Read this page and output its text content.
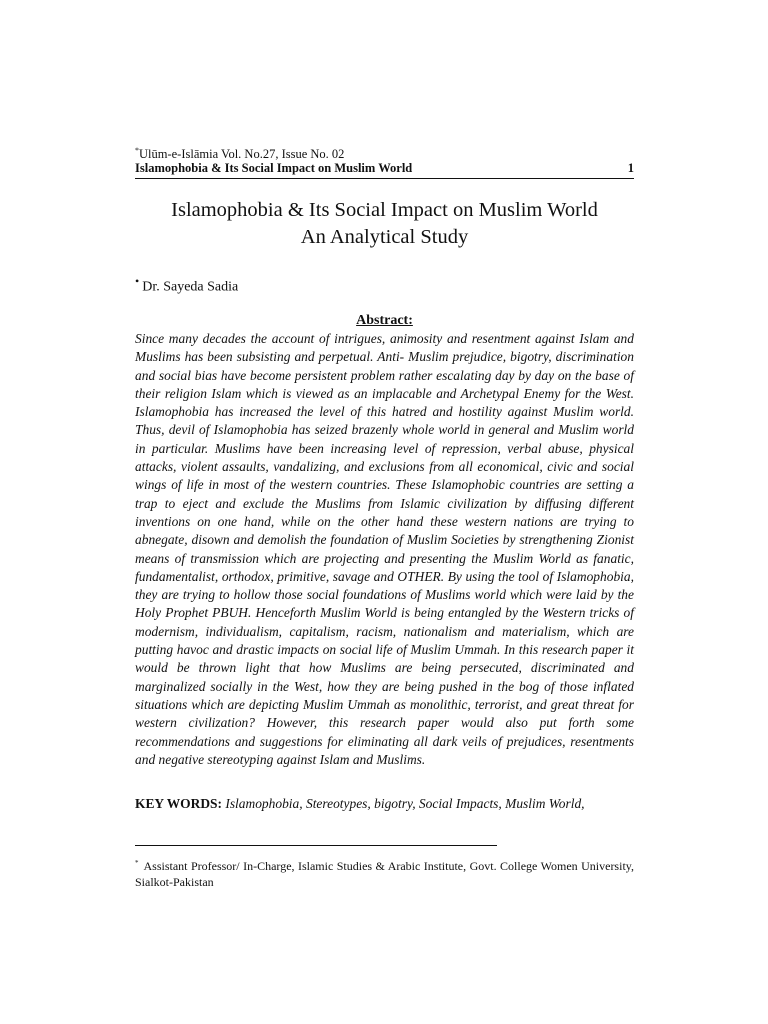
*Ulūm-e-Islāmia Vol. No.27, Issue No. 02
Islamophobia & Its Social Impact on Muslim World	1
Islamophobia & Its Social Impact on Muslim World
An Analytical Study
• Dr. Sayeda Sadia
Abstract:

Since many decades the account of intrigues, animosity and resentment against Islam and Muslims has been subsisting and perpetual. Anti- Muslim prejudice, bigotry, discrimination and social bias have become persistent problem rather escalating day by day on the base of their religion Islam which is viewed as an implacable and Archetypal Enemy for the West. Islamophobia has increased the level of this hatred and hostility against Muslim world. Thus, devil of Islamophobia has seized brazenly whole world in general and Muslim world in particular. Muslims have been increasing level of repression, verbal abuse, physical attacks, violent assaults, vandalizing, and exclusions from all economical, civic and social wings of life in most of the western countries. These Islamophobic countries are setting a trap to eject and exclude the Muslims from Islamic civilization by diffusing different inventions on one hand, while on the other hand these western nations are trying to abnegate, disown and demolish the foundation of Muslim Societies by strengthening Zionist means of transmission which are projecting and presenting the Muslim World as fanatic, fundamentalist, orthodox, primitive, savage and OTHER. By using the tool of Islamophobia, they are trying to hollow those social foundations of Muslims world which were laid by the Holy Prophet PBUH. Henceforth Muslim World is being entangled by the Western tricks of modernism, individualism, capitalism, racism, nationalism and materialism, which are putting havoc and drastic impacts on social life of Muslim Ummah. In this research paper it would be thrown light that how Muslims are being persecuted, discriminated and marginalized socially in the West, how they are being pushed in the bog of those inflated situations which are depicting Muslim Ummah as monolithic, terrorist, and great threat for western civilization? However, this research paper would also put forth some recommendations and suggestions for eliminating all dark veils of prejudices, resentments and negative stereotyping against Islam and Muslims.

KEY WORDS: Islamophobia, Stereotypes, bigotry, Social Impacts, Muslim World,

* Assistant Professor/ In-Charge, Islamic Studies & Arabic Institute, Govt. College Women University, Sialkot-Pakistan
